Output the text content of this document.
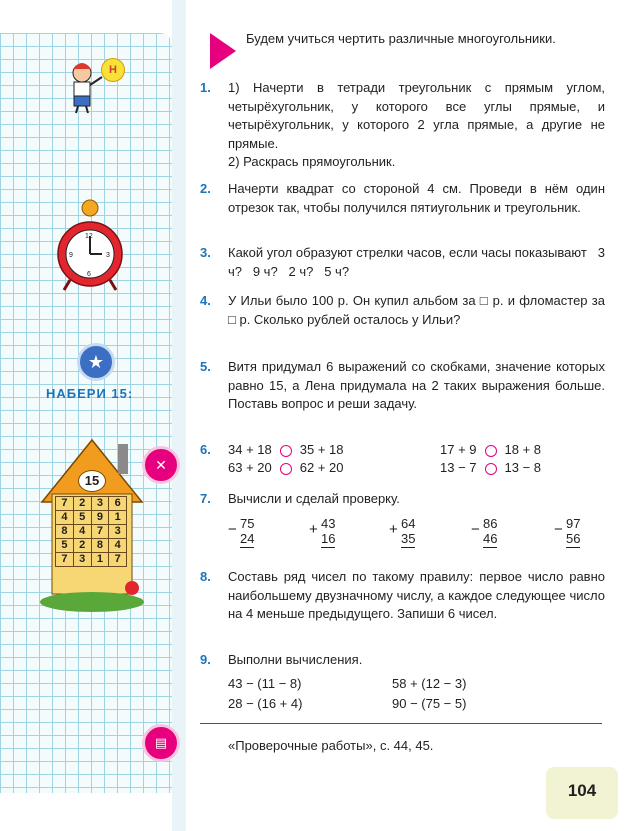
Н
12
3
6
9
★
НАБЕРИ 15:
15
7	2	3	6
4	5	9	1
8	4	7	3
5	2	8	4
7	3	1	7
✕
▤
Будем учиться чертить различные многоугольники.
1. 1) Начерти в тетради треугольник с прямым углом, четырёхугольник, у которого все углы прямые, и четырёхугольник, у которого 2 угла прямые, а другие не прямые.
2) Раскрась прямоугольник.
2. Начерти квадрат со стороной 4 см. Проведи в нём один отрезок так, чтобы получился пятиугольник и треугольник.
3. Какой угол образуют стрелки часов, если часы показывают   3 ч?   9 ч?   2 ч?   5 ч?
4. У Ильи было 100 р. Он купил альбом за □ р. и фломастер за □ р. Сколько рублей осталось у Ильи?
5. Витя придумал 6 выражений со скобками, значение которых равно 15, а Лена придумала на 2 таких выражения больше. Поставь вопрос и реши задачу.
6. 34 + 18 35 + 18	17 + 9 18 + 8
63 + 20 62 + 20	13 − 7 13 − 8
7. Вычисли и сделай проверку.
− 75
24
+ 43
16
+ 64
35
− 86
46
− 97
56
8. Составь ряд чисел по такому правилу: первое число равно наибольшему двузначному числу, а каждое следующее число на 4 меньше предыдущего. Запиши 6 чисел.
9. Выполни вычисления.
43 − (11 − 8)	58 + (12 − 3)
28 − (16 + 4)	90 − (75 − 5)
«Проверочные работы», с. 44, 45.
104
